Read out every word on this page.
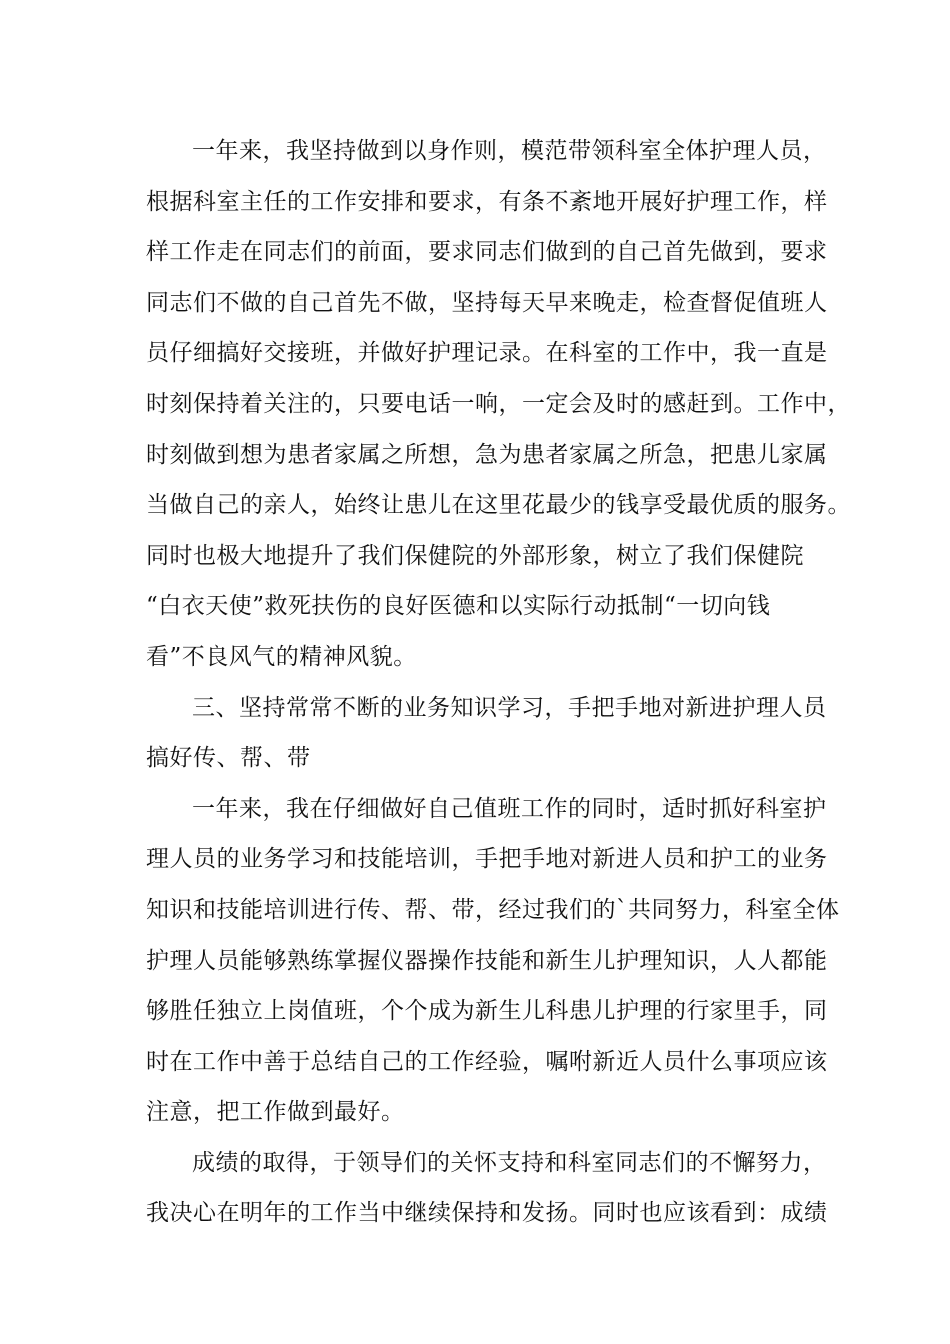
一年来，我坚持做到以身作则，模范带领科室全体护理人员，
根据科室主任的工作安排和要求，有条不紊地开展好护理工作，样
样工作走在同志们的前面，要求同志们做到的自己首先做到，要求
同志们不做的自己首先不做，坚持每天早来晚走，检查督促值班人
员仔细搞好交接班，并做好护理记录。在科室的工作中，我一直是
时刻保持着关注的，只要电话一响，一定会及时的感赶到。工作中，
时刻做到想为患者家属之所想，急为患者家属之所急，把患儿家属
当做自己的亲人，始终让患儿在这里花最少的钱享受最优质的服务。
同时也极大地提升了我们保健院的外部形象，树立了我们保健院
“白衣天使”救死扶伤的良好医德和以实际行动抵制“一切向钱
看”不良风气的精神风貌。
三、坚持常常不断的业务知识学习，手把手地对新进护理人员
搞好传、帮、带
一年来，我在仔细做好自己值班工作的同时，适时抓好科室护
理人员的业务学习和技能培训，手把手地对新进人员和护工的业务
知识和技能培训进行传、帮、带，经过我们的`共同努力，科室全体
护理人员能够熟练掌握仪器操作技能和新生儿护理知识，人人都能
够胜任独立上岗值班，个个成为新生儿科患儿护理的行家里手，同
时在工作中善于总结自己的工作经验，嘱咐新近人员什么事项应该
注意，把工作做到最好。
成绩的取得，于领导们的关怀支持和科室同志们的不懈努力，
我决心在明年的工作当中继续保持和发扬。同时也应该看到：成绩
